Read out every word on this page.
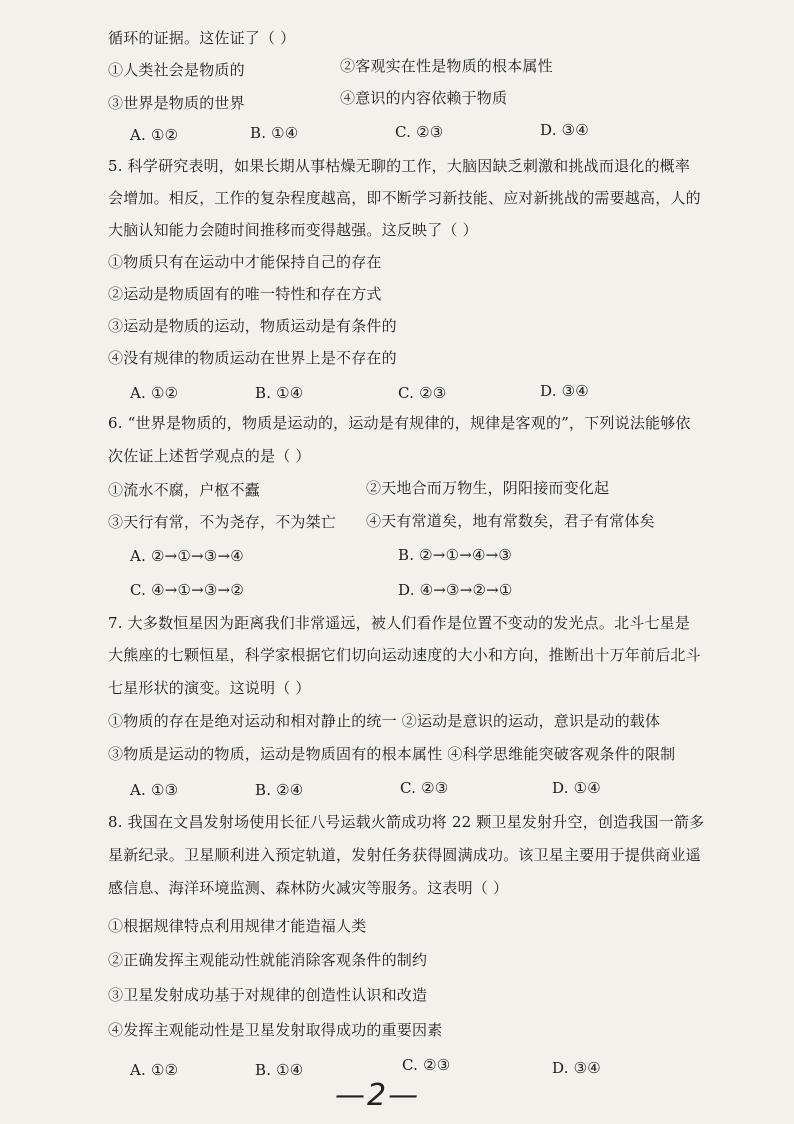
循环的证据。这佐证了（ ）
①人类社会是物质的	②客观实在性是物质的根本属性
③世界是物质的世界	④意识的内容依赖于物质
A. ①②	B. ①④	C. ②③	D. ③④
5. 科学研究表明，如果长期从事枯燥无聊的工作，大脑因缺乏刺激和挑战而退化的概率
会增加。相反，工作的复杂程度越高，即不断学习新技能、应对新挑战的需要越高，人的
大脑认知能力会随时间推移而变得越强。这反映了（ ）
①物质只有在运动中才能保持自己的存在
②运动是物质固有的唯一特性和存在方式
③运动是物质的运动，物质运动是有条件的
④没有规律的物质运动在世界上是不存在的
A. ①②	B. ①④	C. ②③	D. ③④
6. “世界是物质的，物质是运动的，运动是有规律的，规律是客观的”，下列说法能够依
次佐证上述哲学观点的是（ ）
①流水不腐，户枢不蠹	②天地合而万物生，阴阳接而变化起
③天行有常，不为尧存，不为桀亡 ④天有常道矣，地有常数矣，君子有常体矣
A. ②→①→③→④	B. ②→①→④→③
C. ④→①→③→②	D. ④→③→②→①
7. 大多数恒星因为距离我们非常遥远，被人们看作是位置不变动的发光点。北斗七星是
大熊座的七颗恒星，科学家根据它们切向运动速度的大小和方向，推断出十万年前后北斗
七星形状的演变。这说明（ ）
①物质的存在是绝对运动和相对静止的统一 ②运动是意识的运动，意识是动的载体
③物质是运动的物质，运动是物质固有的根本属性 ④科学思维能突破客观条件的限制
A. ①③	B. ②④	C. ②③	D. ①④
8. 我国在文昌发射场使用长征八号运载火箭成功将 22 颗卫星发射升空，创造我国一箭多
星新纪录。卫星顺利进入预定轨道，发射任务获得圆满成功。该卫星主要用于提供商业遥
感信息、海洋环境监测、森林防火减灾等服务。这表明（ ）
①根据规律特点利用规律才能造福人类
②正确发挥主观能动性就能消除客观条件的制约
③卫星发射成功基于对规律的创造性认识和改造
④发挥主观能动性是卫星发射取得成功的重要因素
A. ①②	B. ①④	C. ②③	D. ③④
—2—
